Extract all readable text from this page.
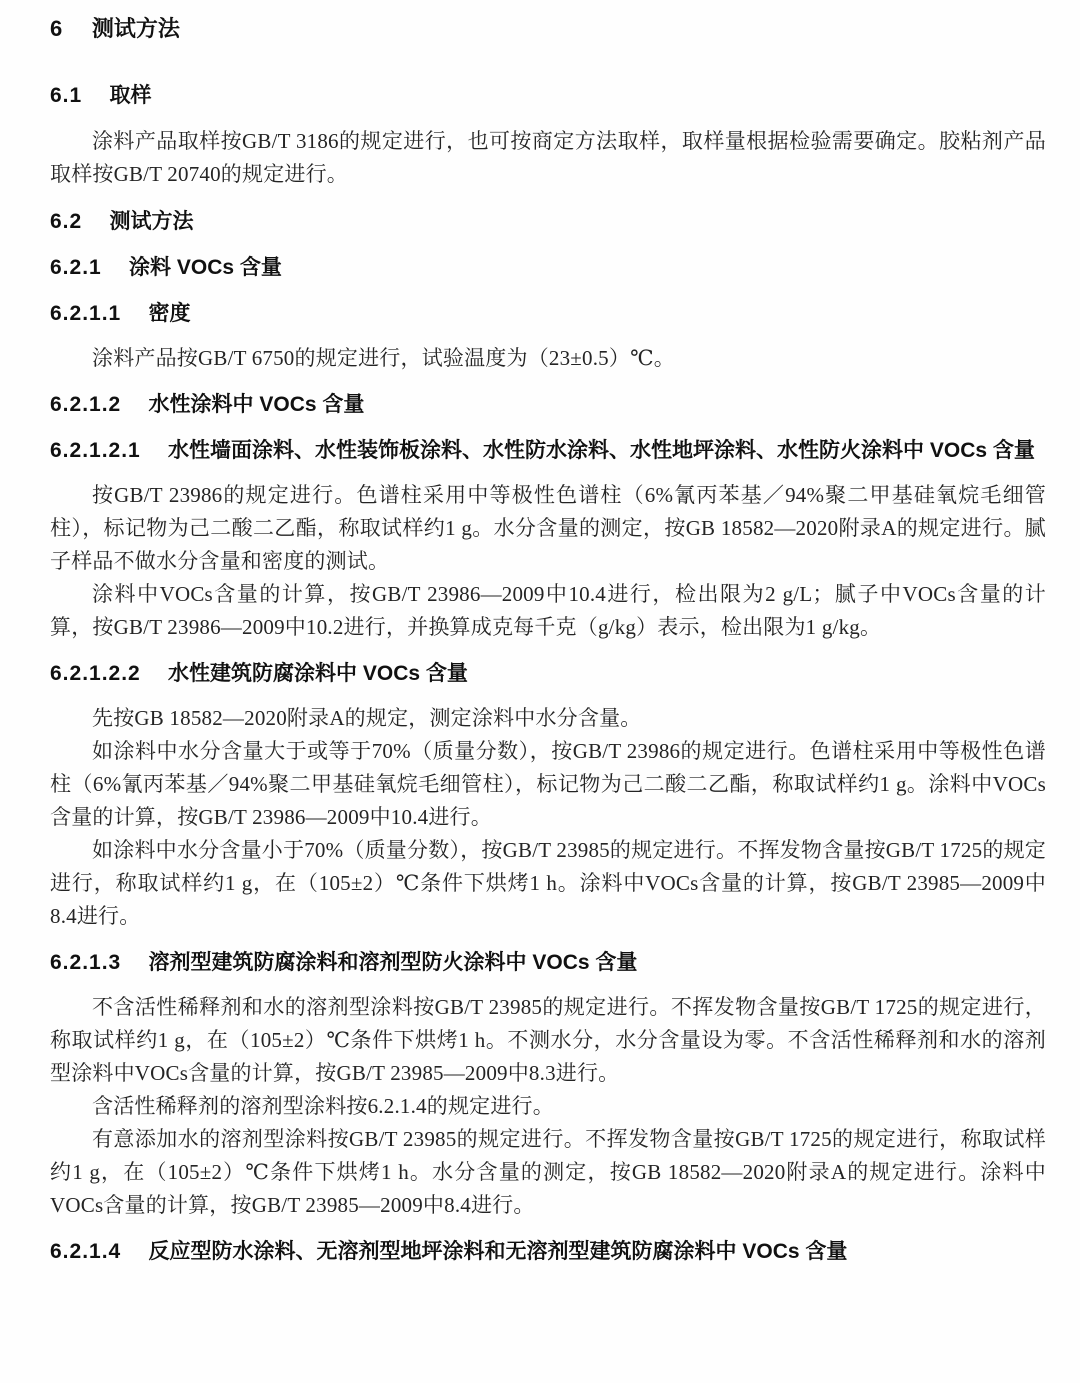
6 测试方法
6.1 取样

涂料产品取样按GB/T 3186的规定进行，也可按商定方法取样，取样量根据检验需要确定。胶粘剂产品取样按GB/T 20740的规定进行。

6.2 测试方法
6.2.1 涂料 VOCs 含量
6.2.1.1 密度

涂料产品按GB/T 6750的规定进行，试验温度为（23±0.5）℃。

6.2.1.2 水性涂料中 VOCs 含量
6.2.1.2.1 水性墙面涂料、水性装饰板涂料、水性防水涂料、水性地坪涂料、水性防火涂料中 VOCs 含量

按GB/T 23986的规定进行。色谱柱采用中等极性色谱柱（6%氰丙苯基／94%聚二甲基硅氧烷毛细管柱），标记物为己二酸二乙酯，称取试样约1 g。水分含量的测定，按GB 18582—2020附录A的规定进行。腻子样品不做水分含量和密度的测试。

涂料中VOCs含量的计算，按GB/T 23986—2009中10.4进行，检出限为2 g/L；腻子中VOCs含量的计算，按GB/T 23986—2009中10.2进行，并换算成克每千克（g/kg）表示，检出限为1 g/kg。

6.2.1.2.2 水性建筑防腐涂料中 VOCs 含量

先按GB 18582—2020附录A的规定，测定涂料中水分含量。

如涂料中水分含量大于或等于70%（质量分数），按GB/T 23986的规定进行。色谱柱采用中等极性色谱柱（6%氰丙苯基／94%聚二甲基硅氧烷毛细管柱），标记物为己二酸二乙酯，称取试样约1 g。涂料中VOCs含量的计算，按GB/T 23986—2009中10.4进行。

如涂料中水分含量小于70%（质量分数），按GB/T 23985的规定进行。不挥发物含量按GB/T 1725的规定进行，称取试样约1 g，在（105±2）℃条件下烘烤1 h。涂料中VOCs含量的计算，按GB/T 23985—2009中8.4进行。

6.2.1.3 溶剂型建筑防腐涂料和溶剂型防火涂料中 VOCs 含量

不含活性稀释剂和水的溶剂型涂料按GB/T 23985的规定进行。不挥发物含量按GB/T 1725的规定进行，称取试样约1 g，在（105±2）℃条件下烘烤1 h。不测水分，水分含量设为零。不含活性稀释剂和水的溶剂型涂料中VOCs含量的计算，按GB/T 23985—2009中8.3进行。

含活性稀释剂的溶剂型涂料按6.2.1.4的规定进行。

有意添加水的溶剂型涂料按GB/T 23985的规定进行。不挥发物含量按GB/T 1725的规定进行，称取试样约1 g，在（105±2）℃条件下烘烤1 h。水分含量的测定，按GB 18582—2020附录A的规定进行。涂料中VOCs含量的计算，按GB/T 23985—2009中8.4进行。

6.2.1.4 反应型防水涂料、无溶剂型地坪涂料和无溶剂型建筑防腐涂料中 VOCs 含量
